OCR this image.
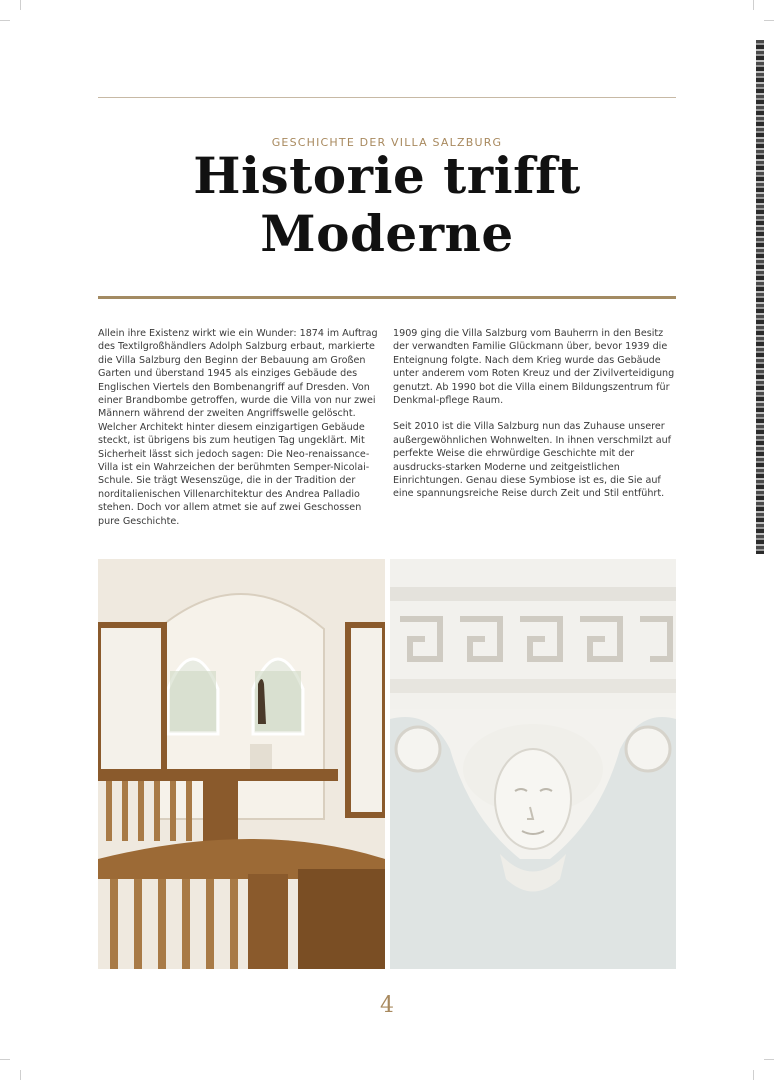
GESCHICHTE DER VILLA SALZBURG
Historie trifft
Moderne

Allein ihre Existenz wirkt wie ein Wunder: 1874 im Auftrag des Textilgroßhändlers Adolph Salzburg erbaut, markierte die Villa Salzburg den Beginn der Bebauung am Großen Garten und überstand 1945 als einziges Gebäude des Englischen Viertels den Bombenangriff auf Dresden. Von einer Brandbombe getroffen, wurde die Villa von nur zwei Männern während der zweiten Angriffswelle gelöscht. Welcher Architekt hinter diesem einzigartigen Gebäude steckt, ist übrigens bis zum heutigen Tag ungeklärt. Mit Sicherheit lässt sich jedoch sagen: Die Neo-renaissance-Villa ist ein Wahrzeichen der berühmten Semper-Nicolai-Schule. Sie trägt Wesenszüge, die in der Tradition der norditalienischen Villenarchitektur des Andrea Palladio stehen. Doch vor allem atmet sie auf zwei Geschossen pure Geschichte.

1909 ging die Villa Salzburg vom Bauherrn in den Besitz der verwandten Familie Glückmann über, bevor 1939 die Enteignung folgte. Nach dem Krieg wurde das Gebäude unter anderem vom Roten Kreuz und der Zivilverteidigung genutzt. Ab 1990 bot die Villa einem Bildungszentrum für Denkmal-pflege Raum.

Seit 2010 ist die Villa Salzburg nun das Zuhause unserer außergewöhnlichen Wohnwelten. In ihnen verschmilzt auf perfekte Weise die ehrwürdige Geschichte mit der ausdrucks-starken Moderne und zeitgeistlichen Einrichtungen. Genau diese Symbiose ist es, die Sie auf eine spannungsreiche Reise durch Zeit und Stil entführt.

4
